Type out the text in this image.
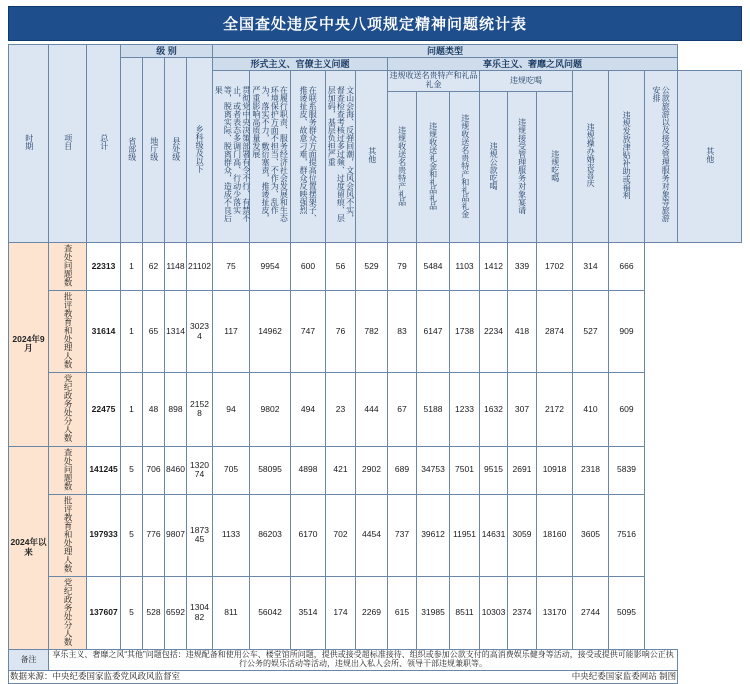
全国查处违反中央八项规定精神问题统计表
时期	项目	总计	级 别				问题类型														
			省部级	地厅级	县处级	乡科级及以下	形式主义、官僚主义问题					享乐主义、奢靡之风问题									
							贯彻党中央决策部署有令不行、有禁不止，或者表态多调门高、行动少落实等，脱离实际、脱离群众，造成不良后果	在履行职责、服务经济社会发展和生态环境保护方面不担当、不作为、乱作为，落实不力，敷衍塞责，推诿扯皮，严重影响高质量发展	在联系服务群众方面提高位置摆架子、推诿扯皮、故意刁难，群众反映强烈	文山会海、反弹回潮，文风会风不实，督查检查考核过多过频、过度留痕、层层加码，基层负担严重	其他	违规收送名贵特产和礼品礼金			违规吃喝			违规操办婚丧喜庆	违规发放津贴补助或福利	公款旅游以及接受管理服务对象等旅游安排	其他
												违规收送名贵特产礼品	违规收送礼金和礼品礼品	违规收送名贵特产和礼品礼金	违规公款吃喝	违规接受管理服务对象宴请	违规吃喝				
2024年9月	查处问题数	22313	1	62	1148	21102	75	9954	600	56	529	79	5484	1103	1412	339	1702	314	666		
	批评教育和处理人数	31614	1	65	1314	30234	117	14962	747	76	782	83	6147	1738	2234	418	2874	527	909		
	党纪政务处分人数	22475	1	48	898	21528	94	9802	494	23	444	67	5188	1233	1632	307	2172	410	609		
2024年以来	查处问题数	141245	5	706	8460	132074	705	58095	4898	421	2902	689	34753	7501	9515	2691	10918	2318	5839		
	批评教育和处理人数	197933	5	776	9807	187345	1133	86203	6170	702	4454	737	39612	11951	14631	3059	18160	3605	7516		
	党纪政务处分人数	137607	5	528	6592	130482	811	56042	3514	174	2269	615	31985	8511	10303	2374	13170	2744	5095		
备注	享乐主义、奢靡之风“其他”问题包括：违规配备和使用公车、楼堂馆所问题，提供或接受超标准接待、组织或参加公款支付的高消费娱乐健身等活动，接受或提供可能影响公正执行公务的娱乐活动等活动，违规出入私人会所、领导干部违规兼职等。																				

数据来源：中央纪委国家监委党风政风监督室 中央纪委国家监委网站 制图																					
